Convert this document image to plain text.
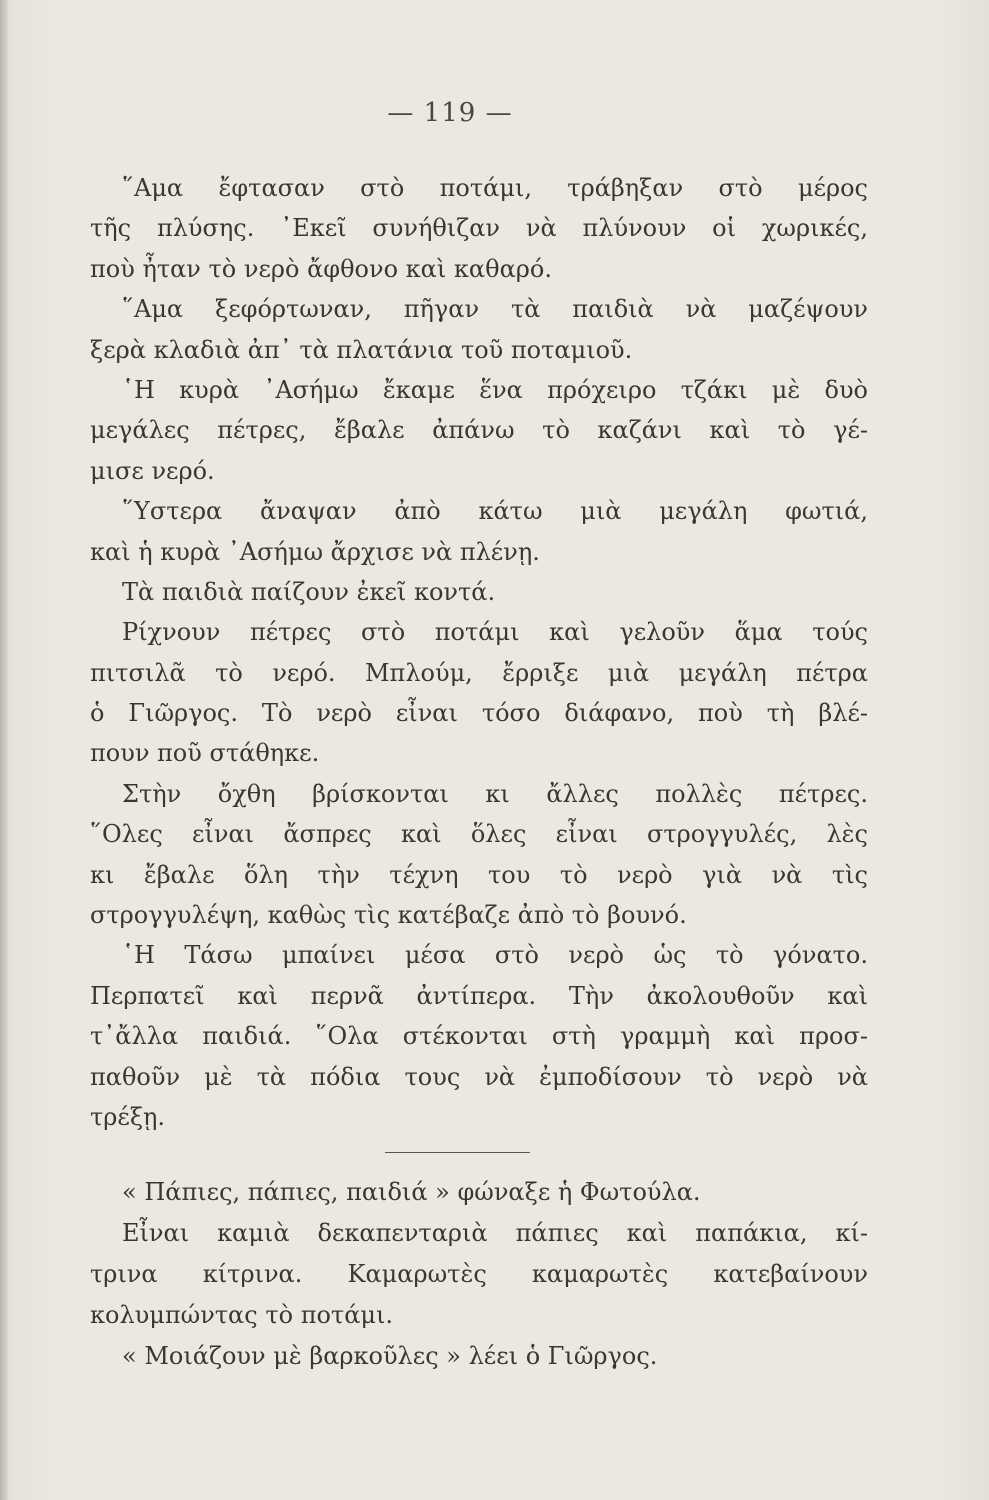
— 119 —
῞Αμα ἔφτασαν στὸ ποτάμι, τράβηξαν στὸ μέρος
τῆς πλύσης. ᾿Εκεῖ συνήθιζαν νὰ πλύνουν οἱ χωρικές,
ποὺ ἦταν τὸ νερὸ ἄφθονο καὶ καθαρό.
῞Αμα ξεφόρτωναν, πῆγαν τὰ παιδιὰ νὰ μαζέψουν
ξερὰ κλαδιὰ ἀπ᾿ τὰ πλατάνια τοῦ ποταμιοῦ.
῾Η κυρὰ ᾿Ασήμω ἔκαμε ἕνα πρόχειρο τζάκι μὲ δυὸ
μεγάλες πέτρες, ἔβαλε ἀπάνω τὸ καζάνι καὶ τὸ γέ-
μισε νερό.
῞Υστερα ἄναψαν ἀπὸ κάτω μιὰ μεγάλη φωτιά,
καὶ ἡ κυρὰ ᾿Ασήμω ἄρχισε νὰ πλένῃ.
Τὰ παιδιὰ παίζουν ἐκεῖ κοντά.
Ρίχνουν πέτρες στὸ ποτάμι καὶ γελοῦν ἅμα τούς
πιτσιλᾶ τὸ νερό. Μπλούμ, ἔρριξε μιὰ μεγάλη πέτρα
ὁ Γιῶργος. Τὸ νερὸ εἶναι τόσο διάφανο, ποὺ τὴ βλέ-
πουν ποῦ στάθηκε.
Στὴν ὄχθη βρίσκονται κι ἄλλες πολλὲς πέτρες.
῞Ολες εἶναι ἄσπρες καὶ ὅλες εἶναι στρογγυλές, λὲς
κι ἔβαλε ὅλη τὴν τέχνη του τὸ νερὸ γιὰ νὰ τὶς
στρογγυλέψη, καθὼς τὶς κατέβαζε ἀπὸ τὸ βουνό.
῾Η Τάσω μπαίνει μέσα στὸ νερὸ ὡς τὸ γόνατο.
Περπατεῖ καὶ περνᾶ ἀντίπερα. Τὴν ἀκολουθοῦν καὶ
τ᾿ἄλλα παιδιά. ῞Ολα στέκονται στὴ γραμμὴ καὶ προσ-
παθοῦν μὲ τὰ πόδια τους νὰ ἐμποδίσουν τὸ νερὸ νὰ
τρέξῃ.
« Πάπιες, πάπιες, παιδιά » φώναξε ἡ Φωτούλα.
Εἶναι καμιὰ δεκαπενταριὰ πάπιες καὶ παπάκια, κί-
τρινα κίτρινα. Καμαρωτὲς καμαρωτὲς κατεβαίνουν
κολυμπώντας τὸ ποτάμι.
« Μοιάζουν μὲ βαρκοῦλες » λέει ὁ Γιῶργος.
